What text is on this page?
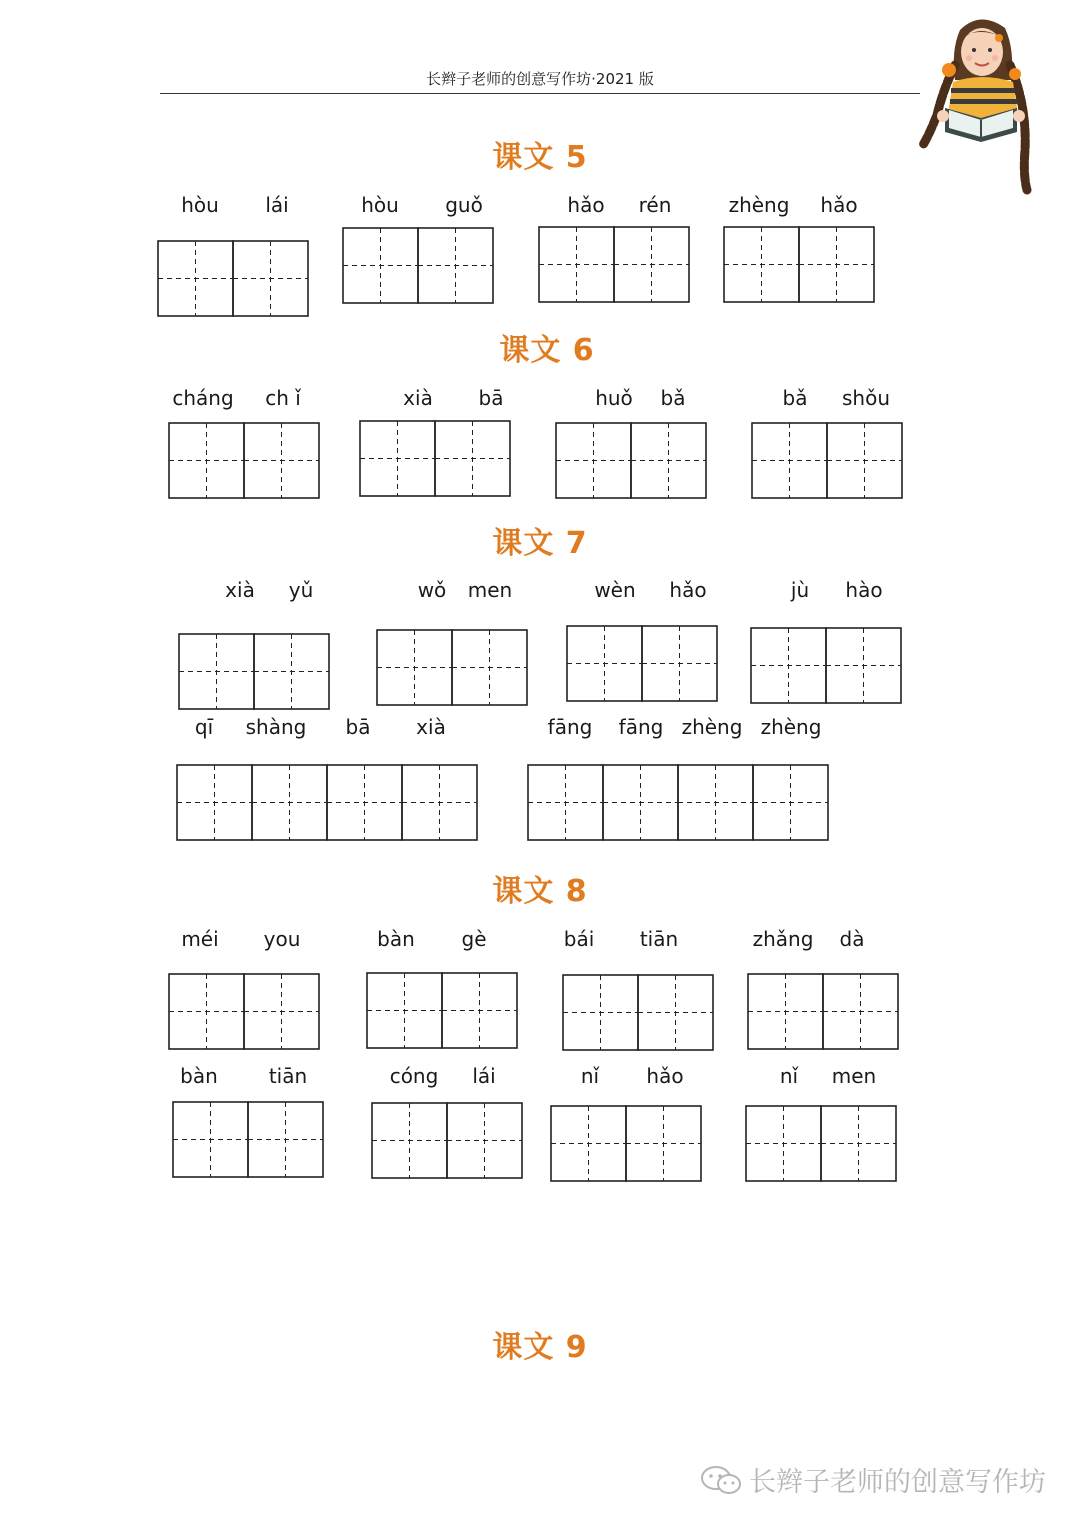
长辫子老师的创意写作坊·2021 版
课文 5
hòu lái	hòu guǒ	hǎo rén	zhèng hǎo
课文 6
cháng ch ǐ	xià bā	huǒ bǎ	bǎ shǒu
课文 7
xià yǔ	wǒ men	wèn hǎo	jù hào
qī shàng bā xià	fāng fāng zhèng zhèng
课文 8
méi you	bàn gè	bái tiān	zhǎng dà
bàn	tiān	cóng lái	nǐ hǎo	nǐ men
课文 9
长辫子老师的创意写作坊
